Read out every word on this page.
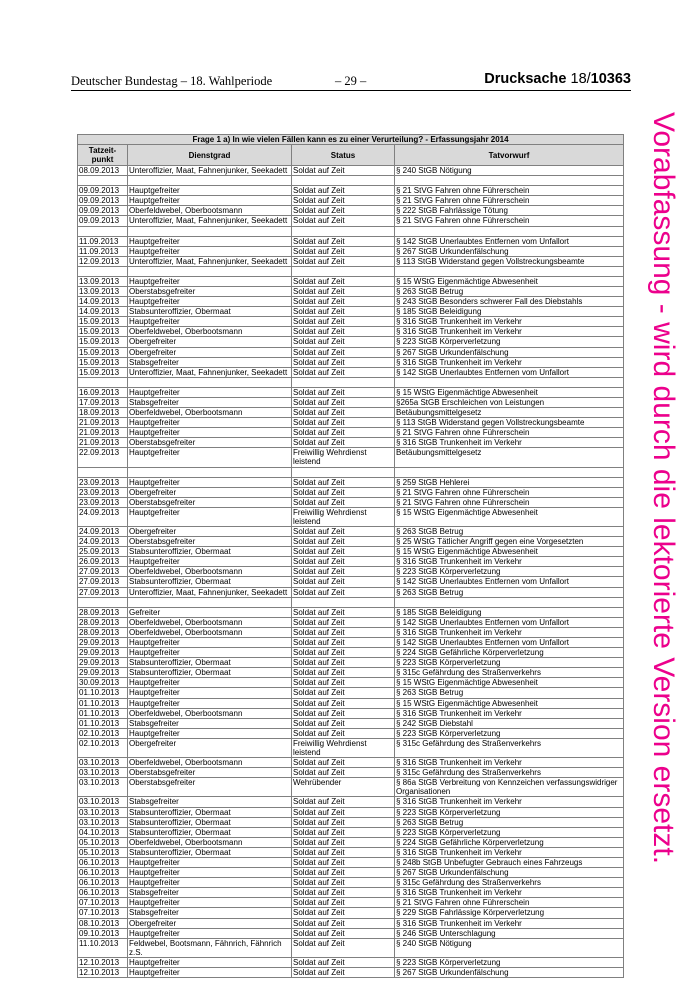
Deutscher Bundestag – 18. Wahlperiode	– 29 –	Drucksache 18/10363
Vorabfassung - wird durch die lektorierte Version ersetzt.
Frage 1 a) In wie vielen Fällen kann es zu einer Verurteilung? - Erfassungsjahr 2014			
Tatzeit-punkt	Dienstgrad	Status	Tatvorwurf
08.09.2013	Unteroffizier, Maat, Fahnenjunker, Seekadett	Soldat auf Zeit	§ 240 StGB Nötigung

09.09.2013	Hauptgefreiter	Soldat auf Zeit	§ 21 StVG Fahren ohne Führerschein
09.09.2013	Hauptgefreiter	Soldat auf Zeit	§ 21 StVG Fahren ohne Führerschein
09.09.2013	Oberfeldwebel, Oberbootsmann	Soldat auf Zeit	§ 222 StGB Fahrlässige Tötung
09.09.2013	Unteroffizier, Maat, Fahnenjunker, Seekadett	Soldat auf Zeit	§ 21 StVG Fahren ohne Führerschein

11.09.2013	Hauptgefreiter	Soldat auf Zeit	§ 142 StGB Unerlaubtes Entfernen vom Unfallort
11.09.2013	Hauptgefreiter	Soldat auf Zeit	§ 267 StGB Urkundenfälschung
12.09.2013	Unteroffizier, Maat, Fahnenjunker, Seekadett	Soldat auf Zeit	§ 113 StGB Widerstand gegen Vollstreckungsbeamte

13.09.2013	Hauptgefreiter	Soldat auf Zeit	§ 15 WStG Eigenmächtige Abwesenheit
13.09.2013	Oberstabsgefreiter	Soldat auf Zeit	§ 263 StGB Betrug
14.09.2013	Hauptgefreiter	Soldat auf Zeit	§ 243 StGB Besonders schwerer Fall des Diebstahls
14.09.2013	Stabsunteroffizier, Obermaat	Soldat auf Zeit	§ 185 StGB Beleidigung
15.09.2013	Hauptgefreiter	Soldat auf Zeit	§ 316 StGB Trunkenheit im Verkehr
15.09.2013	Oberfeldwebel, Oberbootsmann	Soldat auf Zeit	§ 316 StGB Trunkenheit im Verkehr
15.09.2013	Obergefreiter	Soldat auf Zeit	§ 223 StGB Körperverletzung
15.09.2013	Obergefreiter	Soldat auf Zeit	§ 267 StGB Urkundenfälschung
15.09.2013	Stabsgefreiter	Soldat auf Zeit	§ 316 StGB Trunkenheit im Verkehr
15.09.2013	Unteroffizier, Maat, Fahnenjunker, Seekadett	Soldat auf Zeit	§ 142 StGB Unerlaubtes Entfernen vom Unfallort

16.09.2013	Hauptgefreiter	Soldat auf Zeit	§ 15 WStG Eigenmächtige Abwesenheit
17.09.2013	Stabsgefreiter	Soldat auf Zeit	§265a StGB Erschleichen von Leistungen
18.09.2013	Oberfeldwebel, Oberbootsmann	Soldat auf Zeit	Betäubungsmittelgesetz
21.09.2013	Hauptgefreiter	Soldat auf Zeit	§ 113 StGB Widerstand gegen Vollstreckungsbeamte
21.09.2013	Hauptgefreiter	Soldat auf Zeit	§ 21 StVG Fahren ohne Führerschein
21.09.2013	Oberstabsgefreiter	Soldat auf Zeit	§ 316 StGB Trunkenheit im Verkehr
22.09.2013	Hauptgefreiter	Freiwillig Wehrdienst leistend	Betäubungsmittelgesetz

23.09.2013	Hauptgefreiter	Soldat auf Zeit	§ 259 StGB Hehlerei
23.09.2013	Obergefreiter	Soldat auf Zeit	§ 21 StVG Fahren ohne Führerschein
23.09.2013	Oberstabsgefreiter	Soldat auf Zeit	§ 21 StVG Fahren ohne Führerschein
24.09.2013	Hauptgefreiter	Freiwillig Wehrdienst leistend	§ 15 WStG Eigenmächtige Abwesenheit
24.09.2013	Obergefreiter	Soldat auf Zeit	§ 263 StGB Betrug
24.09.2013	Oberstabsgefreiter	Soldat auf Zeit	§ 25 WStG Tätlicher Angriff gegen eine Vorgesetzten
25.09.2013	Stabsunteroffizier, Obermaat	Soldat auf Zeit	§ 15 WStG Eigenmächtige Abwesenheit
26.09.2013	Hauptgefreiter	Soldat auf Zeit	§ 316 StGB Trunkenheit im Verkehr
27.09.2013	Oberfeldwebel, Oberbootsmann	Soldat auf Zeit	§ 223 StGB Körperverletzung
27.09.2013	Stabsunteroffizier, Obermaat	Soldat auf Zeit	§ 142 StGB Unerlaubtes Entfernen vom Unfallort
27.09.2013	Unteroffizier, Maat, Fahnenjunker, Seekadett	Soldat auf Zeit	§ 263 StGB Betrug

28.09.2013	Gefreiter	Soldat auf Zeit	§ 185 StGB Beleidigung
28.09.2013	Oberfeldwebel, Oberbootsmann	Soldat auf Zeit	§ 142 StGB Unerlaubtes Entfernen vom Unfallort
28.09.2013	Oberfeldwebel, Oberbootsmann	Soldat auf Zeit	§ 316 StGB Trunkenheit im Verkehr
29.09.2013	Hauptgefreiter	Soldat auf Zeit	§ 142 StGB Unerlaubtes Entfernen vom Unfallort
29.09.2013	Hauptgefreiter	Soldat auf Zeit	§ 224 StGB Gefährliche Körperverletzung
29.09.2013	Stabsunteroffizier, Obermaat	Soldat auf Zeit	§ 223 StGB Körperverletzung
29.09.2013	Stabsunteroffizier, Obermaat	Soldat auf Zeit	§ 315c Gefährdung des Straßenverkehrs
30.09.2013	Hauptgefreiter	Soldat auf Zeit	§ 15 WStG Eigenmächtige Abwesenheit
01.10.2013	Hauptgefreiter	Soldat auf Zeit	§ 263 StGB Betrug
01.10.2013	Hauptgefreiter	Soldat auf Zeit	§ 15 WStG Eigenmächtige Abwesenheit
01.10.2013	Oberfeldwebel, Oberbootsmann	Soldat auf Zeit	§ 316 StGB Trunkenheit im Verkehr
01.10.2013	Stabsgefreiter	Soldat auf Zeit	§ 242 StGB Diebstahl
02.10.2013	Hauptgefreiter	Soldat auf Zeit	§ 223 StGB Körperverletzung
02.10.2013	Obergefreiter	Freiwillig Wehrdienst leistend	§ 315c Gefährdung des Straßenverkehrs
03.10.2013	Oberfeldwebel, Oberbootsmann	Soldat auf Zeit	§ 316 StGB Trunkenheit im Verkehr
03.10.2013	Oberstabsgefreiter	Soldat auf Zeit	§ 315c Gefährdung des Straßenverkehrs
03.10.2013	Oberstabsgefreiter	Wehrübender	§ 86a StGB Verbreitung von Kennzeichen verfassungswidriger Organisationen
03.10.2013	Stabsgefreiter	Soldat auf Zeit	§ 316 StGB Trunkenheit im Verkehr
03.10.2013	Stabsunteroffizier, Obermaat	Soldat auf Zeit	§ 223 StGB Körperverletzung
03.10.2013	Stabsunteroffizier, Obermaat	Soldat auf Zeit	§ 263 StGB Betrug
04.10.2013	Stabsunteroffizier, Obermaat	Soldat auf Zeit	§ 223 StGB Körperverletzung
05.10.2013	Oberfeldwebel, Oberbootsmann	Soldat auf Zeit	§ 224 StGB Gefährliche Körperverletzung
05.10.2013	Stabsunteroffizier, Obermaat	Soldat auf Zeit	§ 316 StGB Trunkenheit im Verkehr
06.10.2013	Hauptgefreiter	Soldat auf Zeit	§ 248b StGB Unbefugter Gebrauch eines Fahrzeugs
06.10.2013	Hauptgefreiter	Soldat auf Zeit	§ 267 StGB Urkundenfälschung
06.10.2013	Hauptgefreiter	Soldat auf Zeit	§ 315c Gefährdung des Straßenverkehrs
06.10.2013	Stabsgefreiter	Soldat auf Zeit	§ 316 StGB Trunkenheit im Verkehr
07.10.2013	Hauptgefreiter	Soldat auf Zeit	§ 21 StVG Fahren ohne Führerschein
07.10.2013	Stabsgefreiter	Soldat auf Zeit	§ 229 StGB Fahrlässige Körperverletzung
08.10.2013	Obergefreiter	Soldat auf Zeit	§ 316 StGB Trunkenheit im Verkehr
09.10.2013	Hauptgefreiter	Soldat auf Zeit	§ 246 StGB Unterschlagung
11.10.2013	Feldwebel, Bootsmann, Fähnrich, Fähnrich z.S.	Soldat auf Zeit	§ 240 StGB Nötigung
12.10.2013	Hauptgefreiter	Soldat auf Zeit	§ 223 StGB Körperverletzung
12.10.2013	Hauptgefreiter	Soldat auf Zeit	§ 267 StGB Urkundenfälschung
